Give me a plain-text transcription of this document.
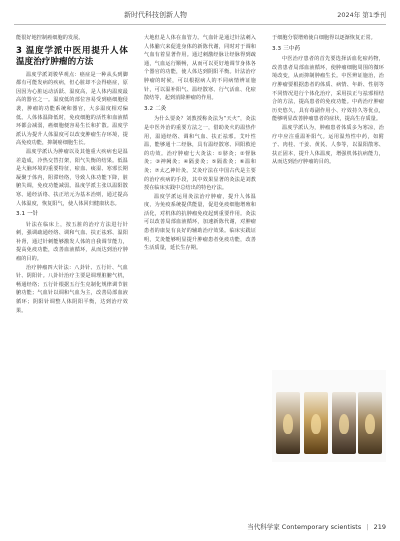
新时代科技创新人物	2024年 第1季刊

能很好地控制癌细胞的发展。

3 温度学派中医用提升人体温度治疗肿瘤的方法

温度学派刘骏华观点：癌症是一种从头到脚都有可能发病的疾病，但心脏却不会得癌症，原因因为心脏运动活跃、温度高，是人体内温度最高的器官之一。温度低的部位容易受到癌细胞侵袭，肿瘤的功能系统和器官，大多温度相对偏低。人体体温降低时，免疫细胞的活性和血液循环都会减弱，癌细胞便容易生长和扩散。温度学派认为提升人体温度可以改变肿瘤生存环境，提高免疫功能，抑制癌细胞生长。

温度学派认为肿瘤以及其他重大疾病也是温差造成，冷热交替打架，阳气失衡的结果。低温是大脑环境的重要特征，瘀血、痰湿、寒邪长期凝聚于体内，阻滞经络，导致人体功能下降，脏腑失调，免疫功能减弱。温度学派主张以温阳散寒、通经活络、扶正培元为基本治则，通过提高人体温度，恢复阳气，使人体回归健康状态。

3.1 一针

针法在临床上，按五脏的治疗方法进行针刺，强调疏通经络、调和气血、扶正祛邪、温阳补肾，通过针刺能够激发人体的自我调节能力，提高免疫功能，改善血液循环，从而达到治疗肿瘤的目的。

治疗肿瘤四大针法：八卦针、五行针、气血针、阴阳针。八卦针治疗主要是调理脏腑气机，畅通经络；五行针根据五行生克制化规律调节脏腑功能；气血针以调和气血为主，改善局部血液循环；阴阳针调整人体阴阳平衡，达到治疗效果。

大地但是人体在血管力。气血针是通过针法刺入人体腧穴来促进身体的新陈代谢，同时对于调和气血有着显著作用。通过刺激经脉让经脉得到疏通，气血运行顺畅，从而可以更好地调节身体各个器官的功能，使人体达到阴阳平衡。针法治疗肿瘤的时候，可以根据病人的不同病情辨证施针，可以温补阳气、温经散寒、行气活血、化瘀散结等，起到消除肿瘤的作用。

3.2 二灸

为什么要灸？刘教授称灸法为“天火”，灸法是中医外治的重要方法之一，借助灸火的温热作用，温通经络、调和气血、扶正祛邪。艾叶性温，能够通十二经脉，具有温经散寒、回阳救逆的功效。治疗肿瘤七大灸法：①脐灸；②督脉灸；③神阙灸；④隔姜灸；⑤隔盐灸；⑥温和灸；⑦太乙神针灸。艾灸疗法在中国古代是主要的治疗疾病的手段，其中效果显著的灸法是刘教授在临床实践中总结出的特色疗法。

温度学派运用灸法治疗肿瘤，提升人体温度，为免疫系统提供能量，促进免疫细胞增殖和活化，对机体的抗肿瘤免疫起到重要作用。灸法可以改善局部血液循环，加速新陈代谢，对肿瘤患者的康复有良好的辅助治疗效果。临床实践证明，艾灸能够明显提升肿瘤患者免疫功能，改善生活质量，延长生存期。

于细胞分裂增殖使白细胞得以逐渐恢复正常。

3.3 三中药

中医治疗患者的首先要选择活血化瘀药物，改善患者局部血液循环，使肿瘤细胞周围的微环境改变，从而抑制肿瘤生长。中医辨证施治，治疗肿瘤要根据患者的体质、病情、年龄、性别等不同情况进行个体化治疗，采用扶正与祛邪相结合的方法，提高患者的免疫功能。中药治疗肿瘤历史悠久，具有毒副作用小、疗效持久等优点，能够明显改善肿瘤患者的症状，提高生存质量。

温度学派认为，肿瘤患者体质多为寒凉，治疗中应注重温补阳气。运用温热性中药，如附子、肉桂、干姜、黄芪、人参等，以温阳散寒、扶正固本，提升人体温度，增强机体抗病能力，从而达到治疗肿瘤的目的。

当代科学家 Contemporary scientists | 219
